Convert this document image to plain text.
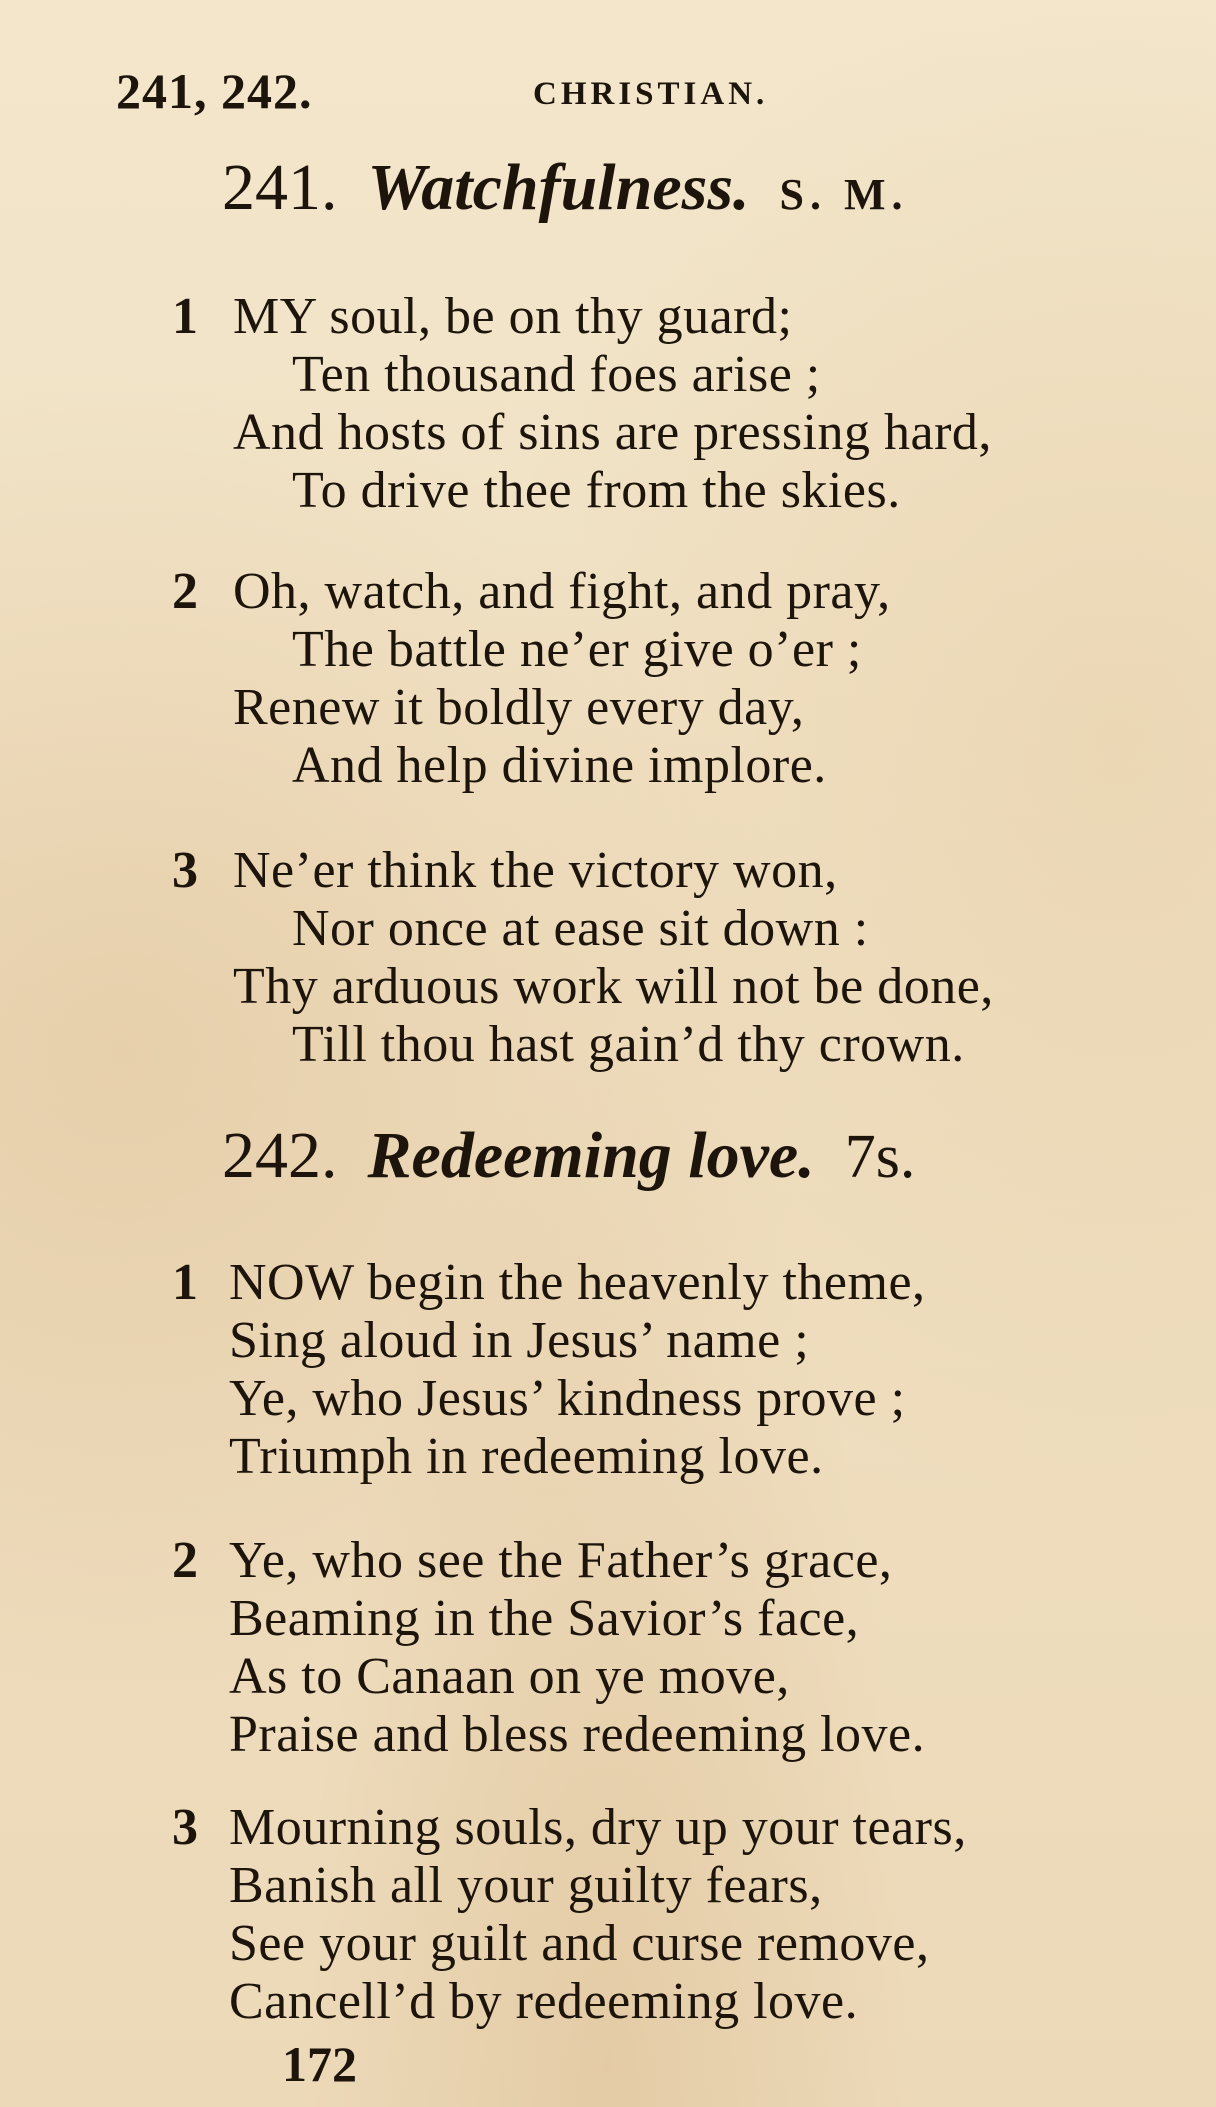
241, 242.	CHRISTIAN.
241. Watchfulness. S. M.
1 MY soul, be on thy guard;
Ten thousand foes arise ;
And hosts of sins are pressing hard,
To drive thee from the skies.
2 Oh, watch, and fight, and pray,
The battle ne’er give o’er ;
Renew it boldly every day,
And help divine implore.
3 Ne’er think the victory won,
Nor once at ease sit down :
Thy arduous work will not be done,
Till thou hast gain’d thy crown.
242. Redeeming love. 7s.
1 NOW begin the heavenly theme,
Sing aloud in Jesus’ name ;
Ye, who Jesus’ kindness prove ;
Triumph in redeeming love.
2 Ye, who see the Father’s grace,
Beaming in the Savior’s face,
As to Canaan on ye move,
Praise and bless redeeming love.
3 Mourning souls, dry up your tears,
Banish all your guilty fears,
See your guilt and curse remove,
Cancell’d by redeeming love.
172
